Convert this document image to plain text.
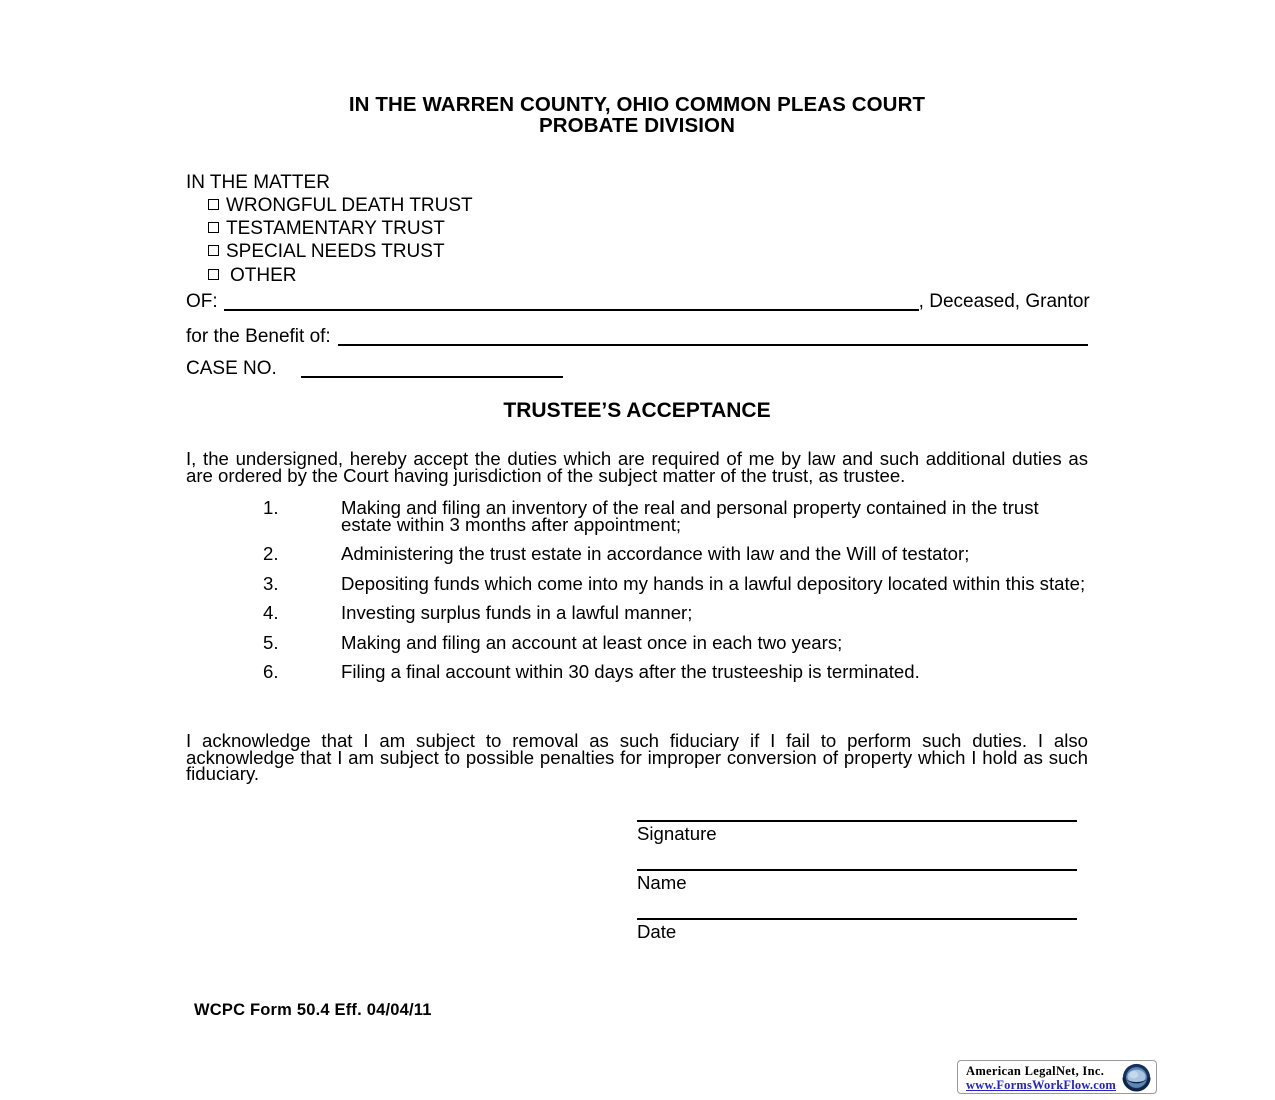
IN THE WARREN COUNTY, OHIO COMMON PLEAS COURT
PROBATE DIVISION
IN THE MATTER
WRONGFUL DEATH TRUST
TESTAMENTARY TRUST
SPECIAL NEEDS TRUST
OTHER
OF:	, Deceased, Grantor
for the Benefit of:
CASE NO.
TRUSTEE’S ACCEPTANCE
I, the undersigned, hereby accept the duties which are required of me by law and such additional duties as are ordered by the Court having jurisdiction of the subject matter of the trust, as trustee.
1.	Making and filing an inventory of the real and personal property contained in the trust estate within 3 months after appointment;
2.	Administering the trust estate in accordance with law and the Will of testator;
3.	Depositing funds which come into my hands in a lawful depository located within this state;
4.	Investing surplus funds in a lawful manner;
5.	Making and filing an account at least once in each two years;
6.	Filing a final account within 30 days after the trusteeship is terminated.
I acknowledge that I am subject to removal as such fiduciary if I fail to perform such duties. I also acknowledge that I am subject to possible penalties for improper conversion of property which I hold as such fiduciary.
Signature
Name
Date
WCPC Form 50.4 Eff. 04/04/11
American LegalNet, Inc.
www.FormsWorkFlow.com
